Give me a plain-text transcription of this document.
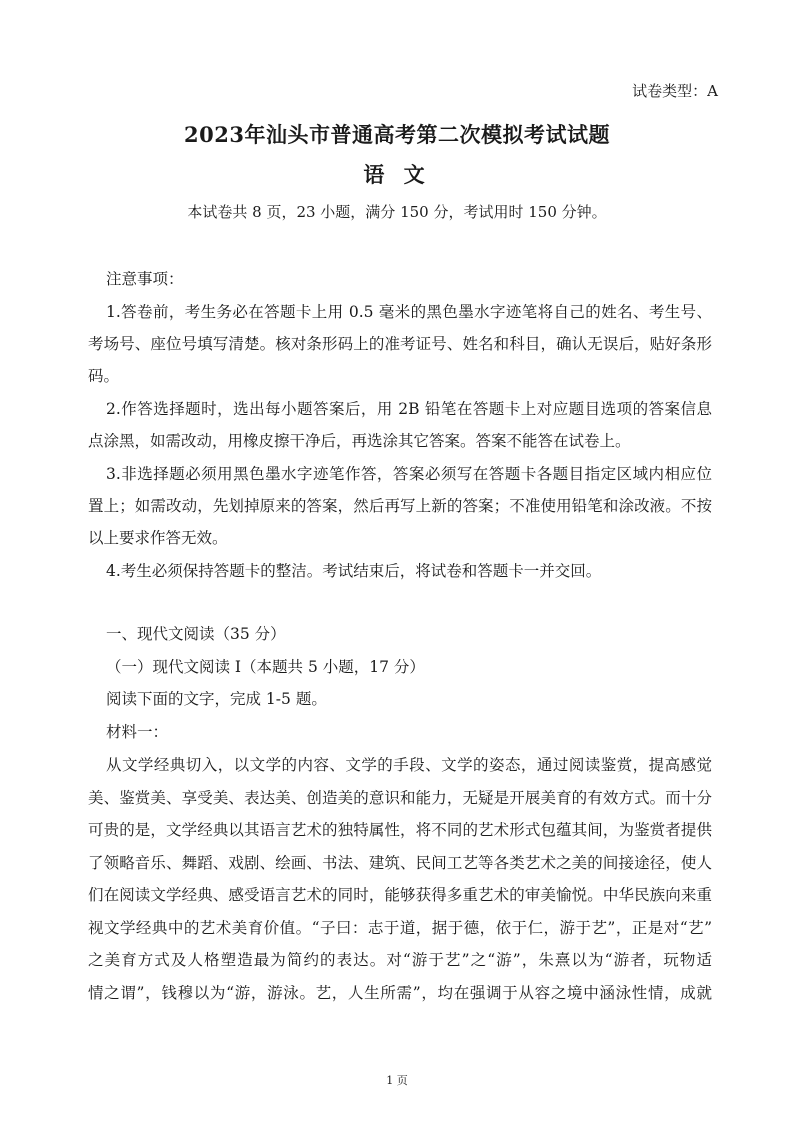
试卷类型：A
2023年汕头市普通高考第二次模拟考试试题
语 文
本试卷共 8 页，23 小题，满分 150 分，考试用时 150 分钟。
注意事项：
1.答卷前，考生务必在答题卡上用 0.5 毫米的黑色墨水字迹笔将自己的姓名、考生号、
考场号、座位号填写清楚。核对条形码上的准考证号、姓名和科目，确认无误后，贴好条形
码。
2.作答选择题时，选出每小题答案后，用 2B 铅笔在答题卡上对应题目选项的答案信息
点涂黑，如需改动，用橡皮擦干净后，再选涂其它答案。答案不能答在试卷上。
3.非选择题必须用黑色墨水字迹笔作答，答案必须写在答题卡各题目指定区域内相应位
置上；如需改动，先划掉原来的答案，然后再写上新的答案；不准使用铅笔和涂改液。不按
以上要求作答无效。
4.考生必须保持答题卡的整洁。考试结束后，将试卷和答题卡一并交回。
一、现代文阅读（35 分）
（一）现代文阅读 I（本题共 5 小题，17 分）
阅读下面的文字，完成 1-5 题。
材料一：
从文学经典切入，以文学的内容、文学的手段、文学的姿态，通过阅读鉴赏，提高感觉
美、鉴赏美、享受美、表达美、创造美的意识和能力，无疑是开展美育的有效方式。而十分
可贵的是，文学经典以其语言艺术的独特属性，将不同的艺术形式包蕴其间，为鉴赏者提供
了领略音乐、舞蹈、戏剧、绘画、书法、建筑、民间工艺等各类艺术之美的间接途径，使人
们在阅读文学经典、感受语言艺术的同时，能够获得多重艺术的审美愉悦。中华民族向来重
视文学经典中的艺术美育价值。“子曰：志于道，据于德，依于仁，游于艺”，正是对“艺”
之美育方式及人格塑造最为简约的表达。对“游于艺”之“游”，朱熹以为“游者，玩物适
情之谓”，钱穆以为“游，游泳。艺，人生所需”，均在强调于从容之境中涵泳性情，成就
1 页
